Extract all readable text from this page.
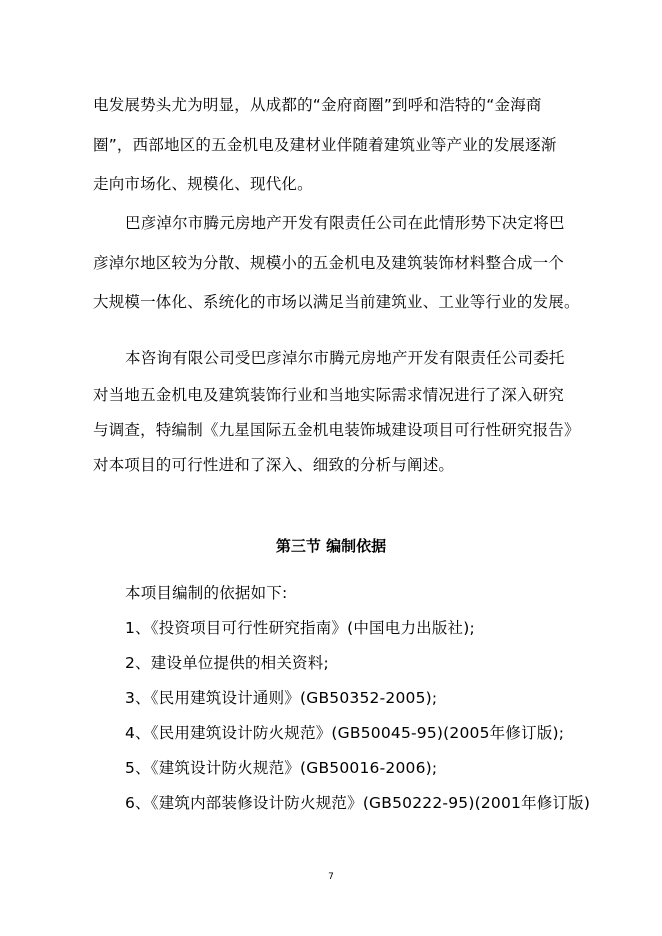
电发展势头尤为明显，从成都的“金府商圈”到呼和浩特的“金海商
圈”，西部地区的五金机电及建材业伴随着建筑业等产业的发展逐渐
走向市场化、规模化、现代化。
巴彦淖尔市腾元房地产开发有限责任公司在此情形势下决定将巴
彦淖尔地区较为分散、规模小的五金机电及建筑装饰材料整合成一个
大规模一体化、系统化的市场以满足当前建筑业、工业等行业的发展。
本咨询有限公司受巴彦淖尔市腾元房地产开发有限责任公司委托
对当地五金机电及建筑装饰行业和当地实际需求情况进行了深入研究
与调查，特编制《九星国际五金机电装饰城建设项目可行性研究报告》
对本项目的可行性进和了深入、细致的分析与阐述。
第三节 编制依据
本项目编制的依据如下:
1、《投资项目可行性研究指南》(中国电力出版社);
2、建设单位提供的相关资料;
3、《民用建筑设计通则》(GB50352-2005);
4、《民用建筑设计防火规范》(GB50045-95)(2005年修订版);
5、《建筑设计防火规范》(GB50016-2006);
6、《建筑内部装修设计防火规范》(GB50222-95)(2001年修订版)
7
